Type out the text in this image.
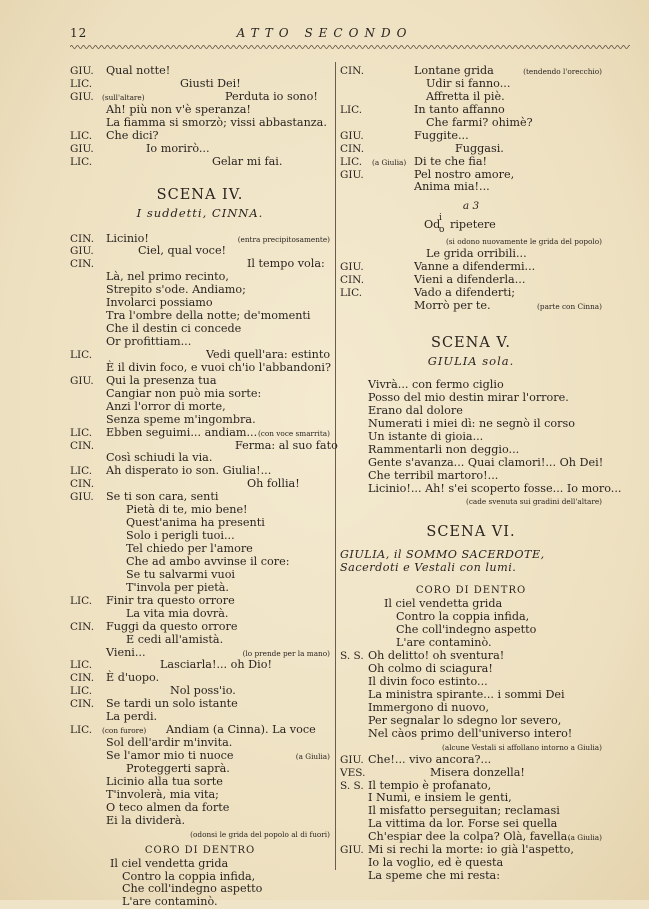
12	ATTO SECONDO
GIU. Qual notte!
LIC.	Giusti Dei!
GIU. (sull'altare)	Perduta io sono!
Ah! più non v'è speranza!
La fiamma si smorzò; vissi abbastanza.
LIC. Che dici?
GIU.	Io morirò...
LIC.	Gelar mi fai.
SCENA IV.
I suddetti, CINNA.
CIN. Licinio!	(entra precipitosamente)
GIU.	Ciel, qual voce!
CIN.	Il tempo vola:
Là, nel primo recinto,
Strepito s'ode. Andiamo;
Involarci possiamo
Tra l'ombre della notte; de'momenti
Che il destin ci concede
Or profittiam...
LIC.	Vedi quell'ara: estinto
È il divin foco, e vuoi ch'io l'abbandoni?
GIU. Qui la presenza tua
Cangiar non può mia sorte:
Anzi l'orror di morte,
Senza speme m'ingombra.
LIC. Ebben seguimi... andiam... (con voce smarrita)
CIN.	Ferma: al suo fato
Così schiudi la via.
LIC. Ah disperato io son. Giulia!...
CIN.	Oh follia!
GIU. Se ti son cara, senti
Pietà di te, mio bene!
Quest'anima ha presenti
Solo i perigli tuoi...
Tel chiedo per l'amore
Che ad ambo avvinse il core:
Se tu salvarmi vuoi
T'invola per pietà.
LIC. Finir tra questo orrore
La vita mia dovrà.
CIN. Fuggi da questo orrore
E cedi all'amistà.
Vieni...	(lo prende per la mano)
LIC.	Lasciarla!... oh Dio!
CIN. È d'uopo.
LIC.	Nol poss'io.
CIN. Se tardi un solo istante
La perdi.
LIC. (con furore) Andiam (a Cinna). La voce
Sol dell'ardir m'invita.
Se l'amor mio ti nuoce	(a Giulia)
Proteggerti saprà.
Licinio alla tua sorte
T'involerà, mia vita;
O teco almen da forte
Ei la dividerà.
(odonsi le grida del popolo al di fuori)
CORO DI DENTRO
Il ciel vendetta grida
Contro la coppia infida,
Che coll'indegno aspetto
L'are contaminò.
CIN.	Lontane grida	(tendendo l'orecchio)
Udir si fanno...
Affretta il piè.
LIC.	In tanto affanno
Che farmi? ohimè?
GIU.	Fuggite...
CIN.	Fuggasi.
LIC. (a Giulia) Di te che fia!
GIU.	Pel nostro amore,
Anima mia!...
a 3
Od
i
o ripetere
(si odono nuovamente le grida del popolo)
Le grida orribili...
GIU.	Vanne a difendermi...
CIN.	Vieni a difenderla...
LIC.	Vado a difenderti;
Morrò per te.	(parte con Cinna)
SCENA V.
GIULIA sola.
Vivrà... con fermo ciglio
Posso del mio destin mirar l'orrore.
Erano dal dolore
Numerati i miei dì: ne segnò il corso
Un istante di gioia...
Rammentarli non deggio...
Gente s'avanza... Quai clamori!... Oh Dei!
Che terribil martoro!...
Licinio!... Ah! s'ei scoperto fosse... Io moro...
(cade svenuta sui gradini dell'altare)
SCENA VI.
GIULIA, il SOMMO SACERDOTE, Sacerdoti e Vestali con lumi.
CORO DI DENTRO
Il ciel vendetta grida
Contro la coppia infida,
Che coll'indegno aspetto
L'are contaminò.
S. S. Oh delitto! oh sventura!
Oh colmo di sciagura!
Il divin foco estinto...
La ministra spirante... i sommi Dei
Immergono di nuovo,
Per segnalar lo sdegno lor severo,
Nel càos primo dell'universo intero!
(alcune Vestali si affollano intorno a Giulia)
GIU. Che!... vivo ancora?...
VES.	Misera donzella!
S. S. Il tempio è profanato,
I Numi, e insiem le genti,
Il misfatto perseguitan; reclamasi
La vittima da lor. Forse sei quella
Ch'espiar dee la colpa? Olà, favella.
(a Giulia)
GIU. Mi si rechi la morte: io già l'aspetto,
Io la voglio, ed è questa
La speme che mi resta:
